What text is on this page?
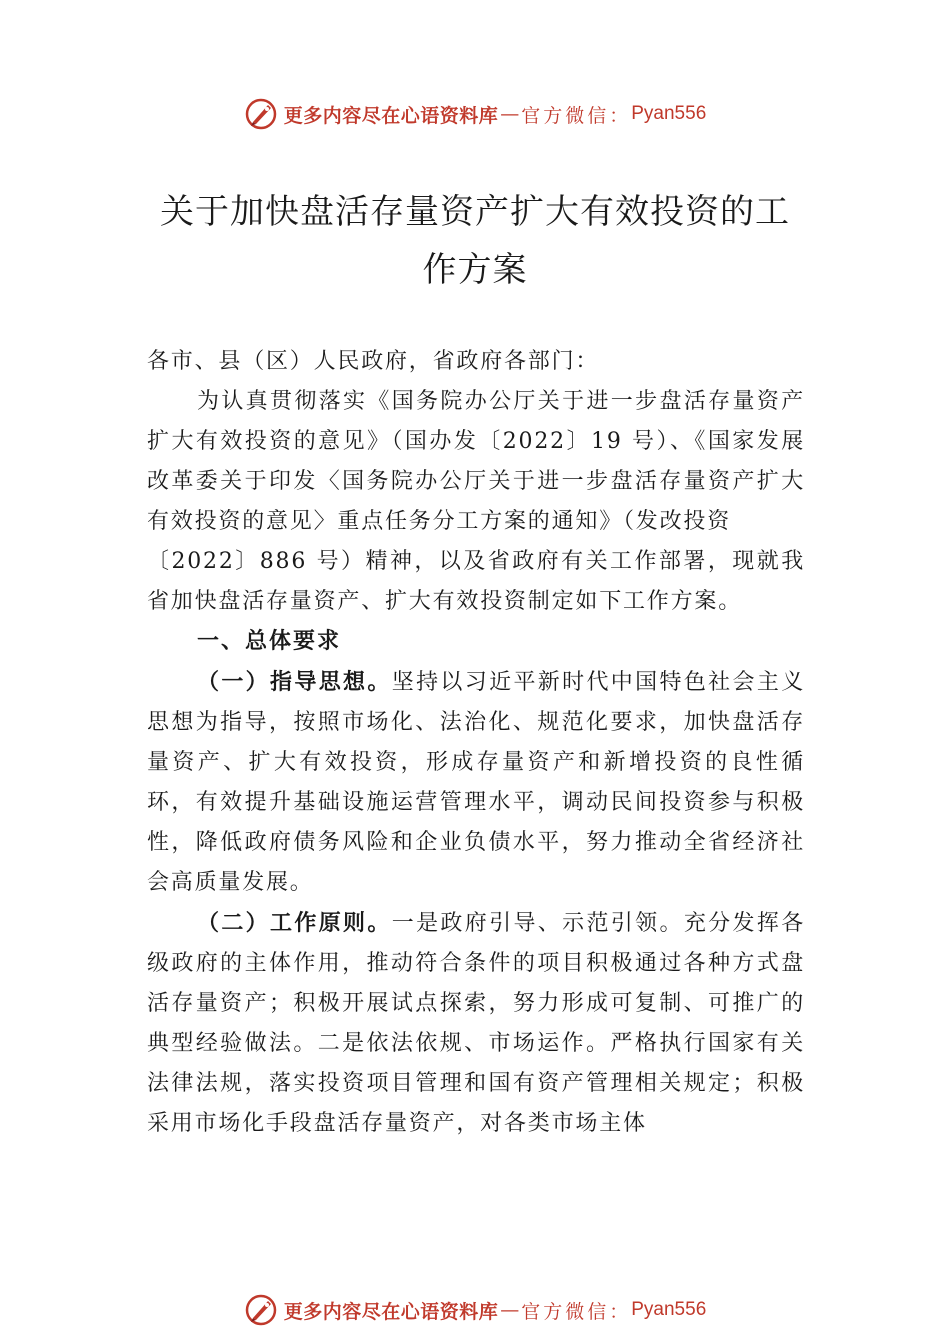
更多内容尽在心语资料库 — 官方微信： Pyan556
关于加快盘活存量资产扩大有效投资的工
作方案

各市、县（区）人民政府，省政府各部门：

为认真贯彻落实《国务院办公厅关于进一步盘活存量资产扩大有效投资的意见》（国办发〔2022〕19 号）、《国家发展改革委关于印发〈国务院办公厅关于进一步盘活存量资产扩大有效投资的意见〉重点任务分工方案的通知》（发改投资

〔2022〕886 号）精神，以及省政府有关工作部署，现就我省加快盘活存量资产、扩大有效投资制定如下工作方案。

一、总体要求

（一）指导思想。坚持以习近平新时代中国特色社会主义思想为指导，按照市场化、法治化、规范化要求，加快盘活存量资产、扩大有效投资，形成存量资产和新增投资的良性循环，有效提升基础设施运营管理水平，调动民间投资参与积极性，降低政府债务风险和企业负债水平，努力推动全省经济社会高质量发展。

（二）工作原则。一是政府引导、示范引领。充分发挥各级政府的主体作用，推动符合条件的项目积极通过各种方式盘活存量资产；积极开展试点探索，努力形成可复制、可推广的典型经验做法。二是依法依规、市场运作。严格执行国家有关法律法规，落实投资项目管理和国有资产管理相关规定；积极采用市场化手段盘活存量资产，对各类市场主体

更多内容尽在心语资料库 — 官方微信： Pyan556
